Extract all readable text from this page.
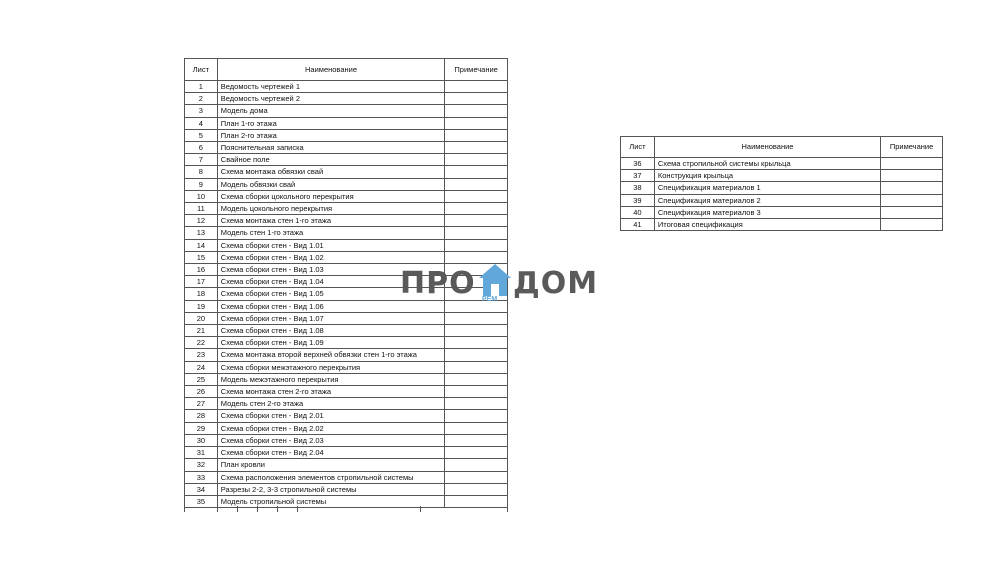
Лист	Наименование	Примечание
1	Ведомость чертежей 1	
2	Ведомость чертежей 2	
3	Модель дома	
4	План 1-го этажа	
5	План 2-го этажа	
6	Пояснительная записка	
7	Свайное поле	
8	Схема монтажа обвязки свай	
9	Модель обвязки свай	
10	Схема сборки цокольного перекрытия	
11	Модель цокольного перекрытия	
12	Схема монтажа стен 1-го этажа	
13	Модель стен 1-го этажа	
14	Схема сборки стен - Вид 1.01	
15	Схема сборки стен - Вид 1.02	
16	Схема сборки стен - Вид 1.03	
17	Схема сборки стен - Вид 1.04	
18	Схема сборки стен - Вид 1.05	
19	Схема сборки стен - Вид 1.06	
20	Схема сборки стен - Вид 1.07	
21	Схема сборки стен - Вид 1.08	
22	Схема сборки стен - Вид 1.09	
23	Схема монтажа второй верхней обвязки стен 1-го этажа	
24	Схема сборки межэтажного перекрытия	
25	Модель межэтажного перекрытия	
26	Схема монтажа стен 2-го этажа	
27	Модель стен 2-го этажа	
28	Схема сборки стен - Вид 2.01	
29	Схема сборки стен - Вид 2.02	
30	Схема сборки стен - Вид 2.03	
31	Схема сборки стен - Вид 2.04	
32	План кровли	
33	Схема расположения элементов стропильной системы	
34	Разрезы 2-2, 3-3 стропильной системы	
35	Модель стропильной системы	
Лист	Наименование	Примечание
36	Схема стропильной системы крыльца	
37	Конструкция крыльца	
38	Спецификация материалов 1	
39	Спецификация материалов 2	
40	Спецификация материалов 3	
41	Итоговая спецификация	
ПРО РЕМ ДОМ
